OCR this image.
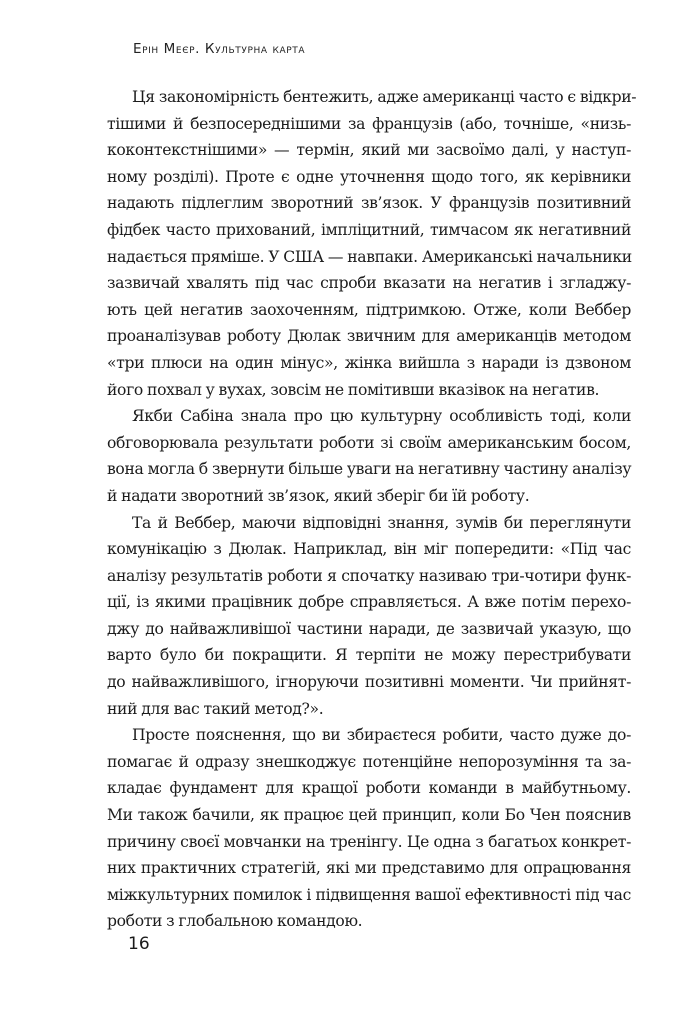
Ерін Меєр. Культурна карта
Ця закономірність бентежить, адже американці часто є відкри-
тішими й безпосереднішими за французів (або, точніше, «низь-
коконтекстнішими» — термін, який ми засвоїмо далі, у наступ-
ному розділі). Проте є одне уточнення щодо того, як керівники
надають підлеглим зворотний зв’язок. У французів позитивний
фідбек часто прихований, імпліцитний, тимчасом як негативний
надається пряміше. У США — навпаки. Американські начальники
зазвичай хвалять під час спроби вказати на негатив і згладжу-
ють цей негатив заохоченням, підтримкою. Отже, коли Веббер
проаналізував роботу Дюлак звичним для американців методом
«три плюси на один мінус», жінка вийшла з наради із дзвоном
його похвал у вухах, зовсім не помітивши вказівок на негатив.
Якби Сабіна знала про цю культурну особливість тоді, коли
обговорювала результати роботи зі своїм американським босом,
вона могла б звернути більше уваги на негативну частину аналізу
й надати зворотний зв’язок, який зберіг би їй роботу.
Та й Веббер, маючи відповідні знання, зумів би переглянути
комунікацію з Дюлак. Наприклад, він міг попередити: «Під час
аналізу результатів роботи я спочатку називаю три-чотири функ-
ції, із якими працівник добре справляється. А вже потім перехо-
джу до найважливішої частини наради, де зазвичай указую, що
варто було би покращити. Я терпіти не можу перестрибувати
до найважливішого, ігноруючи позитивні моменти. Чи прийнят-
ний для вас такий метод?».
Просте пояснення, що ви збираєтеся робити, часто дуже до-
помагає й одразу знешкоджує потенційне непорозуміння та за-
кладає фундамент для кращої роботи команди в майбутньому.
Ми також бачили, як працює цей принцип, коли Бо Чен пояснив
причину своєї мовчанки на тренінгу. Це одна з багатьох конкрет-
них практичних стратегій, які ми представимо для опрацювання
міжкультурних помилок і підвищення вашої ефективності під час
роботи з глобальною командою.
16
